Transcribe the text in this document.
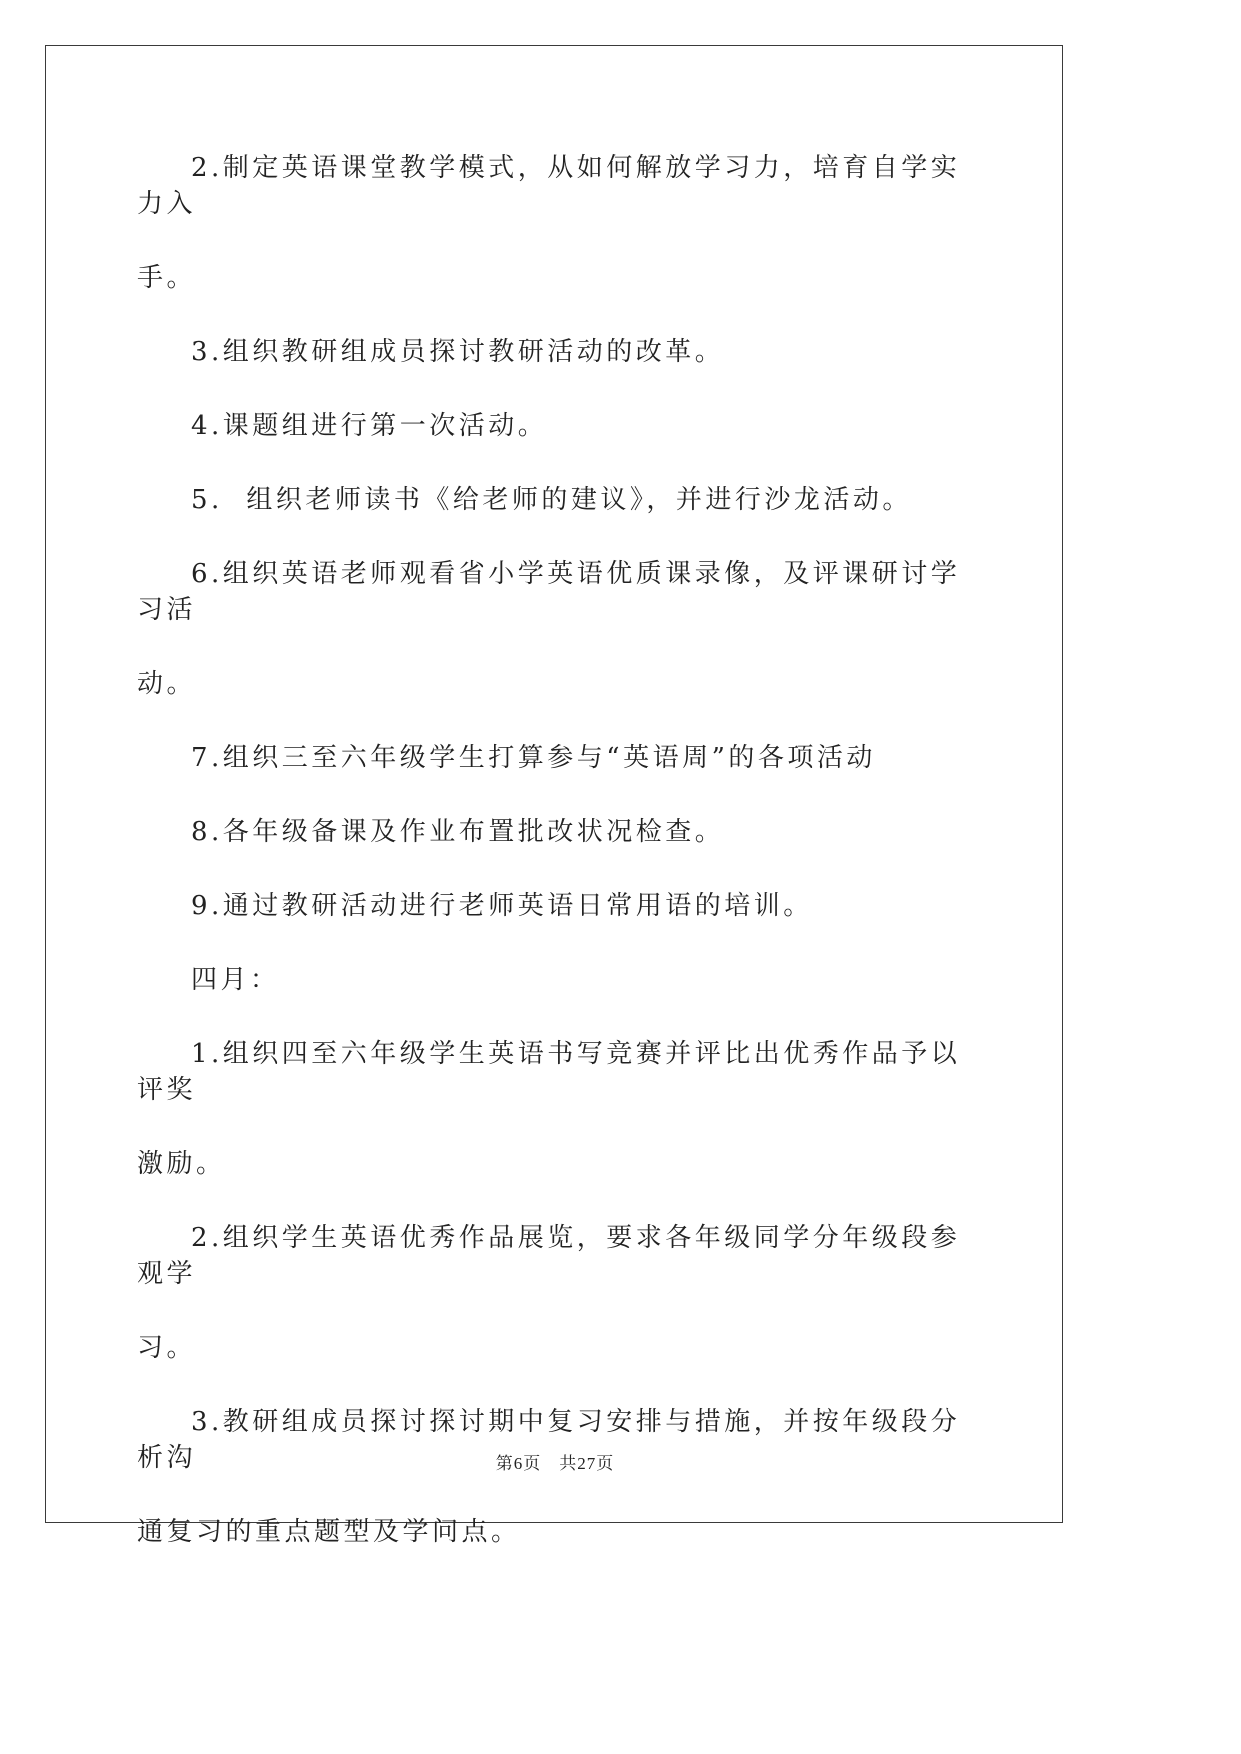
2.制定英语课堂教学模式，从如何解放学习力，培育自学实力入
手。
3.组织教研组成员探讨教研活动的改革。
4.课题组进行第一次活动。
5.  组织老师读书《给老师的建议》，并进行沙龙活动。
6.组织英语老师观看省小学英语优质课录像，及评课研讨学习活
动。
7.组织三至六年级学生打算参与“英语周”的各项活动
8.各年级备课及作业布置批改状况检查。
9.通过教研活动进行老师英语日常用语的培训。
四月：
1.组织四至六年级学生英语书写竞赛并评比出优秀作品予以评奖
激励。
2.组织学生英语优秀作品展览，要求各年级同学分年级段参观学
习。
3.教研组成员探讨探讨期中复习安排与措施，并按年级段分析沟
通复习的重点题型及学问点。
第6页 共27页
